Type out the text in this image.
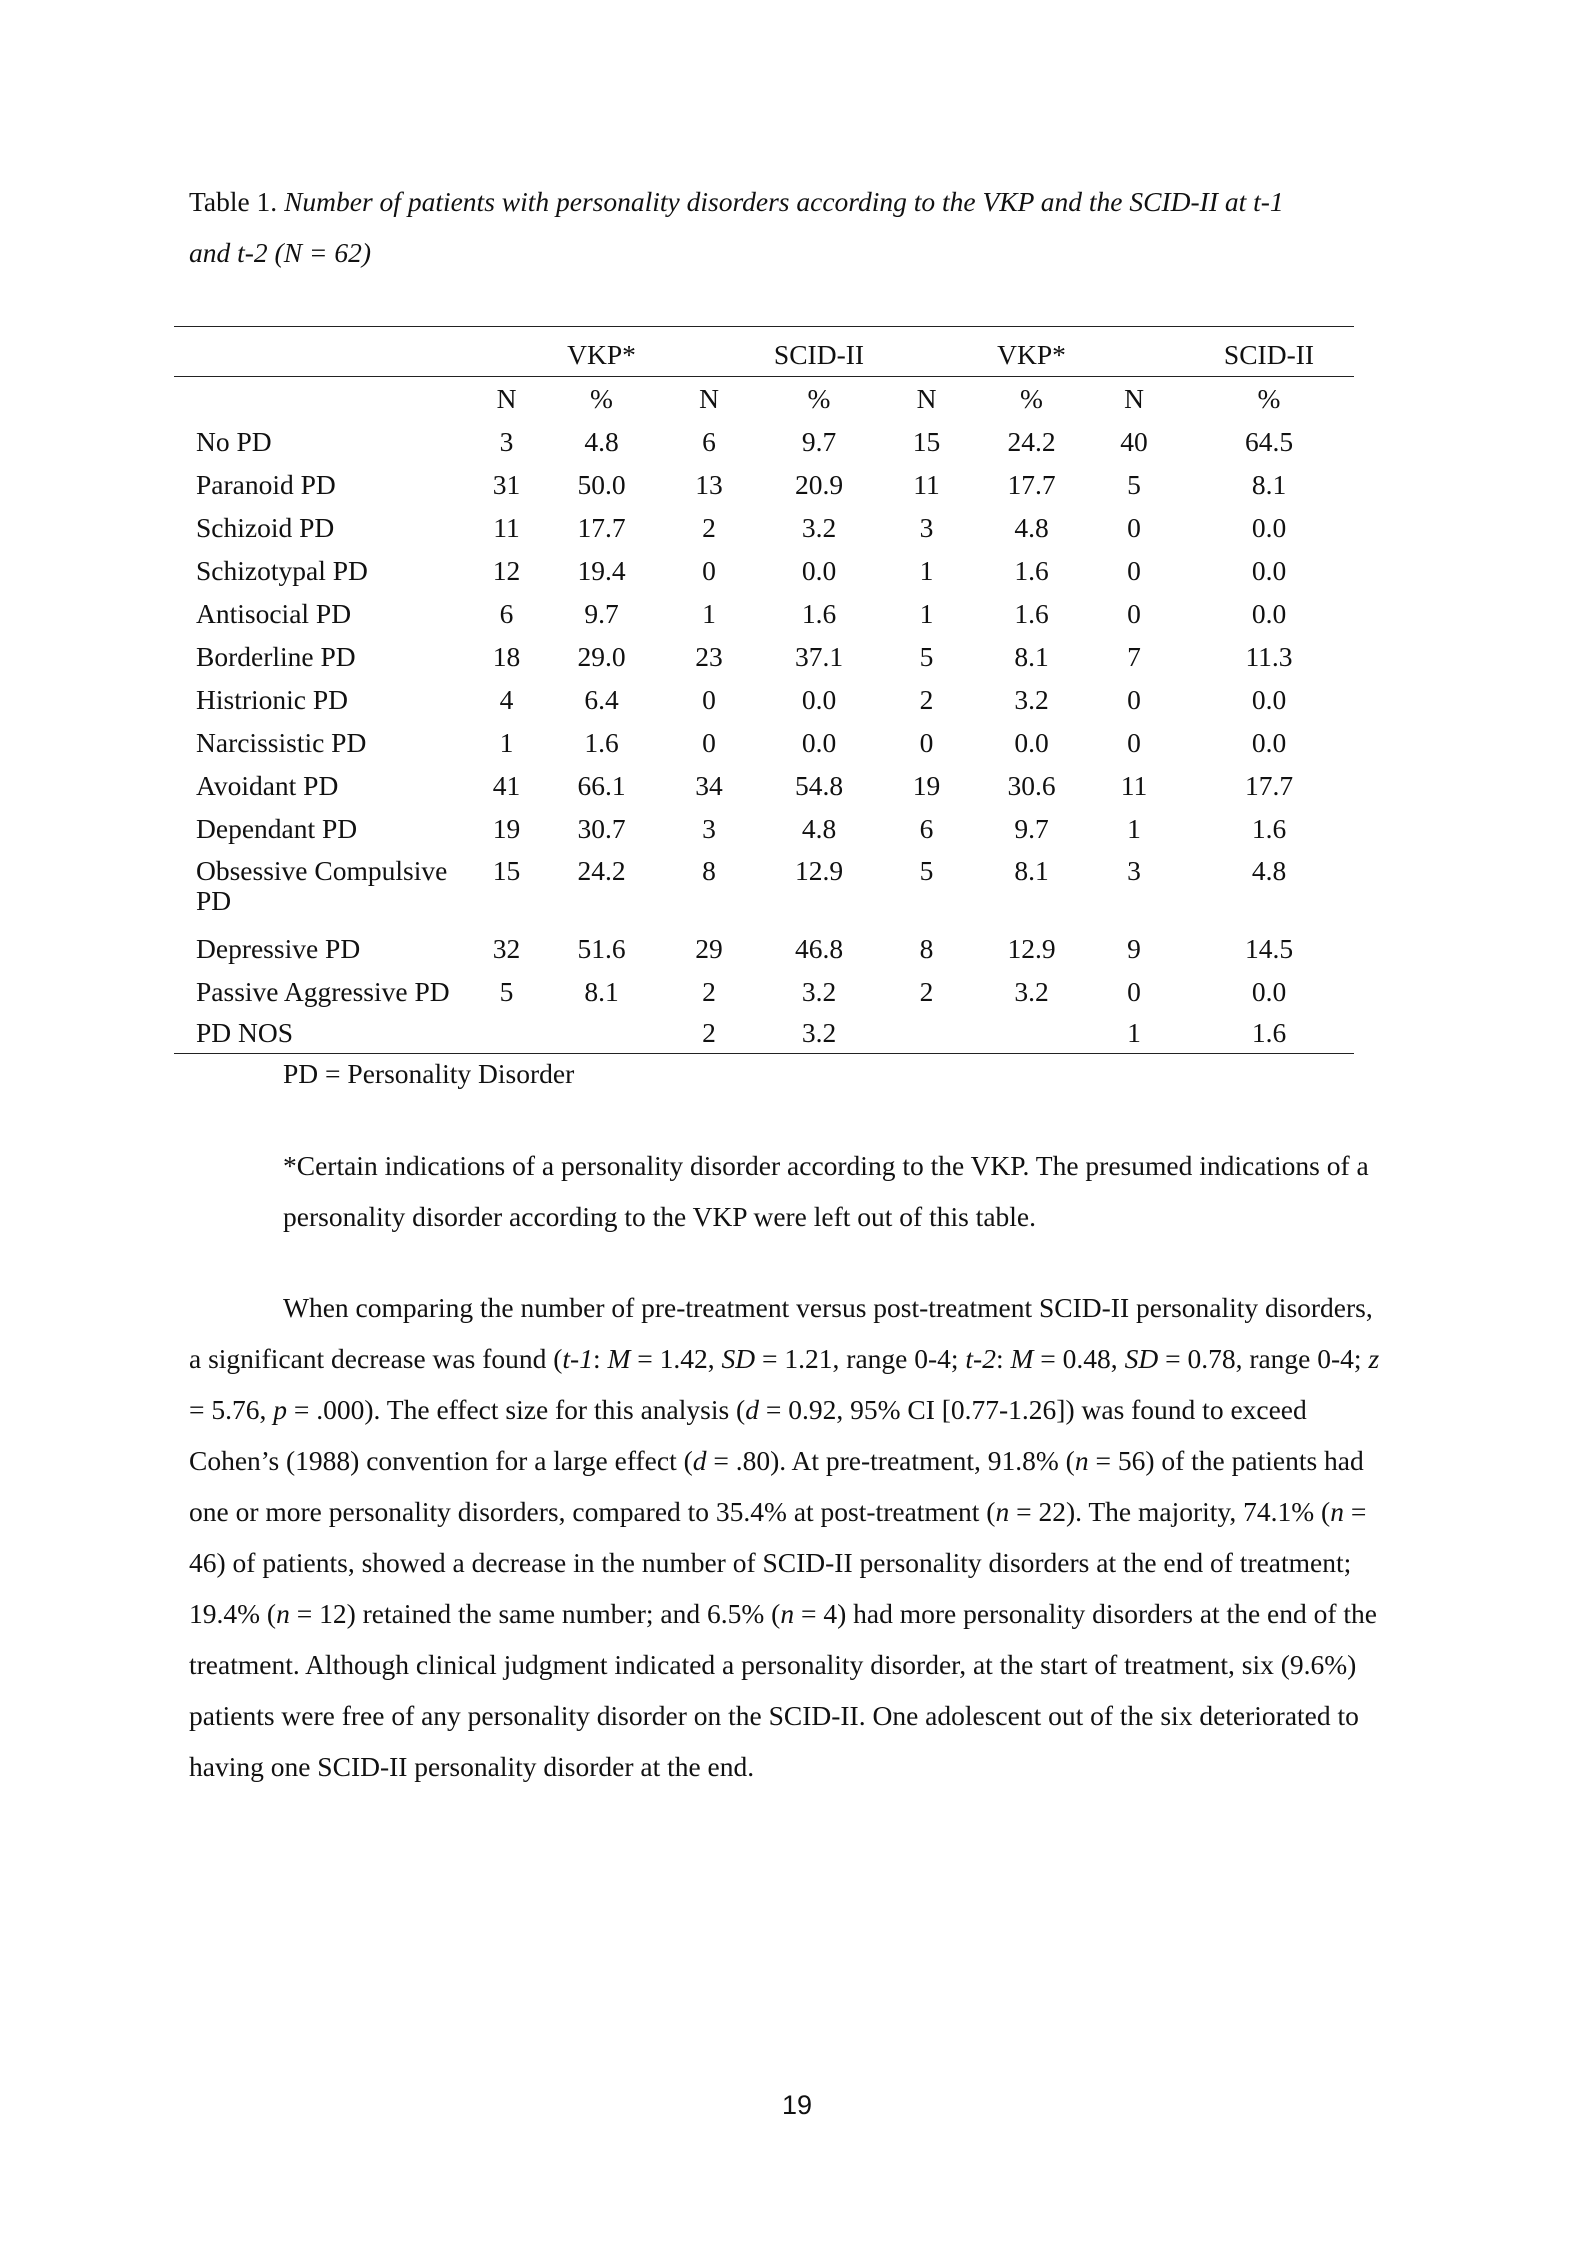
Table 1. Number of patients with personality disorders according to the VKP and the SCID-II at t-1
and t-2 (N = 62)
		VKP*		SCID-II		VKP*		SCID-II
	N	%	N	%	N	%	N	%
No PD	3	4.8	6	9.7	15	24.2	40	64.5
Paranoid PD	31	50.0	13	20.9	11	17.7	5	8.1
Schizoid PD	11	17.7	2	3.2	3	4.8	0	0.0
Schizotypal PD	12	19.4	0	0.0	1	1.6	0	0.0
Antisocial PD	6	9.7	1	1.6	1	1.6	0	0.0
Borderline PD	18	29.0	23	37.1	5	8.1	7	11.3
Histrionic PD	4	6.4	0	0.0	2	3.2	0	0.0
Narcissistic PD	1	1.6	0	0.0	0	0.0	0	0.0
Avoidant PD	41	66.1	34	54.8	19	30.6	11	17.7
Dependant PD	19	30.7	3	4.8	6	9.7	1	1.6
Obsessive Compulsive
PD	15	24.2	8	12.9	5	8.1	3	4.8
Depressive PD	32	51.6	29	46.8	8	12.9	9	14.5
Passive Aggressive PD	5	8.1	2	3.2	2	3.2	0	0.0
PD NOS			2	3.2			1	1.6
PD = Personality Disorder
*Certain indications of a personality disorder according to the VKP. The presumed indications of a personality disorder according to the VKP were left out of this table.

When comparing the number of pre-treatment versus post-treatment SCID-II personality disorders, a significant decrease was found (t-1: M = 1.42, SD = 1.21, range 0-4; t-2: M = 0.48, SD = 0.78, range 0-4; z = 5.76, p = .000). The effect size for this analysis (d = 0.92, 95% CI [0.77-1.26]) was found to exceed Cohen’s (1988) convention for a large effect (d = .80). At pre-treatment, 91.8% (n = 56) of the patients had one or more personality disorders, compared to 35.4% at post-treatment (n = 22). The majority, 74.1% (n = 46) of patients, showed a decrease in the number of SCID-II personality disorders at the end of treatment; 19.4% (n = 12) retained the same number; and 6.5% (n = 4) had more personality disorders at the end of the treatment. Although clinical judgment indicated a personality disorder, at the start of treatment, six (9.6%) patients were free of any personality disorder on the SCID-II. One adolescent out of the six deteriorated to having one SCID-II personality disorder at the end.

19
